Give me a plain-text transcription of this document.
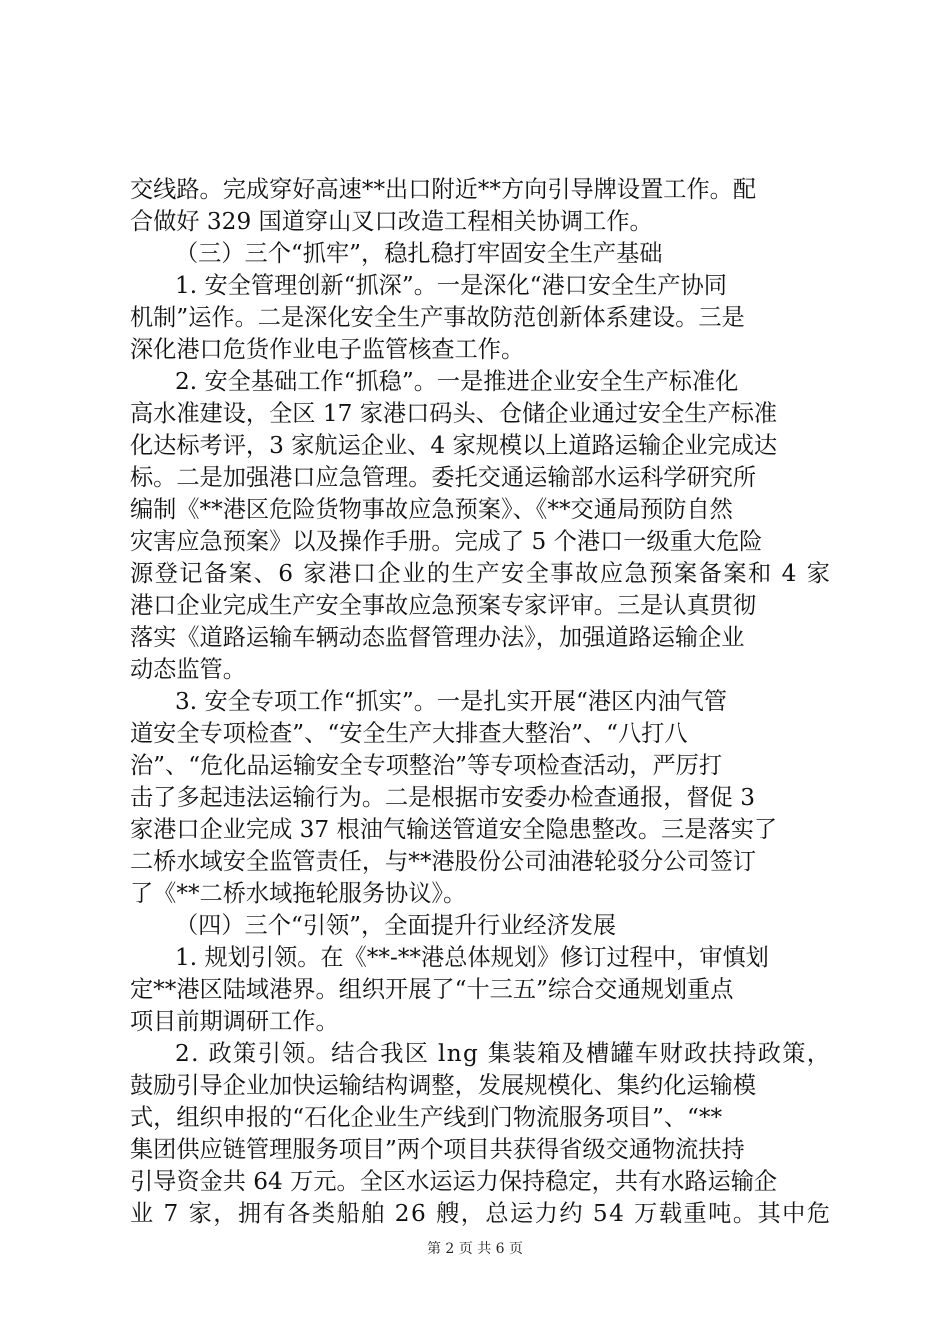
交线路。完成穿好高速**出口附近**方向引导牌设置工作。配
合做好 329 国道穿山叉口改造工程相关协调工作。
（三）三个“抓牢”，稳扎稳打牢固安全生产基础
1. 安全管理创新“抓深”。一是深化“港口安全生产协同
机制”运作。二是深化安全生产事故防范创新体系建设。三是
深化港口危货作业电子监管核查工作。
2. 安全基础工作“抓稳”。一是推进企业安全生产标准化
高水准建设，全区 17 家港口码头、仓储企业通过安全生产标准
化达标考评，3 家航运企业、4 家规模以上道路运输企业完成达
标。二是加强港口应急管理。委托交通运输部水运科学研究所
编制《**港区危险货物事故应急预案》、《**交通局预防自然
灾害应急预案》以及操作手册。完成了 5 个港口一级重大危险
源登记备案、6 家港口企业的生产安全事故应急预案备案和 4 家
港口企业完成生产安全事故应急预案专家评审。三是认真贯彻
落实《道路运输车辆动态监督管理办法》，加强道路运输企业
动态监管。
3. 安全专项工作“抓实”。一是扎实开展“港区内油气管
道安全专项检查”、“安全生产大排查大整治”、“八打八
治”、“危化品运输安全专项整治”等专项检查活动，严厉打
击了多起违法运输行为。二是根据市安委办检查通报，督促 3
家港口企业完成 37 根油气输送管道安全隐患整改。三是落实了
二桥水域安全监管责任，与**港股份公司油港轮驳分公司签订
了《**二桥水域拖轮服务协议》。
（四）三个“引领”，全面提升行业经济发展
1. 规划引领。在《**-**港总体规划》修订过程中，审慎划
定**港区陆域港界。组织开展了“十三五”综合交通规划重点
项目前期调研工作。
2. 政策引领。结合我区 lng 集装箱及槽罐车财政扶持政策，
鼓励引导企业加快运输结构调整，发展规模化、集约化运输模
式，组织申报的“石化企业生产线到门物流服务项目”、“**
集团供应链管理服务项目”两个项目共获得省级交通物流扶持
引导资金共 64 万元。全区水运运力保持稳定，共有水路运输企
业 7 家，拥有各类船舶 26 艘，总运力约 54 万载重吨。其中危
第 2 页 共 6 页
